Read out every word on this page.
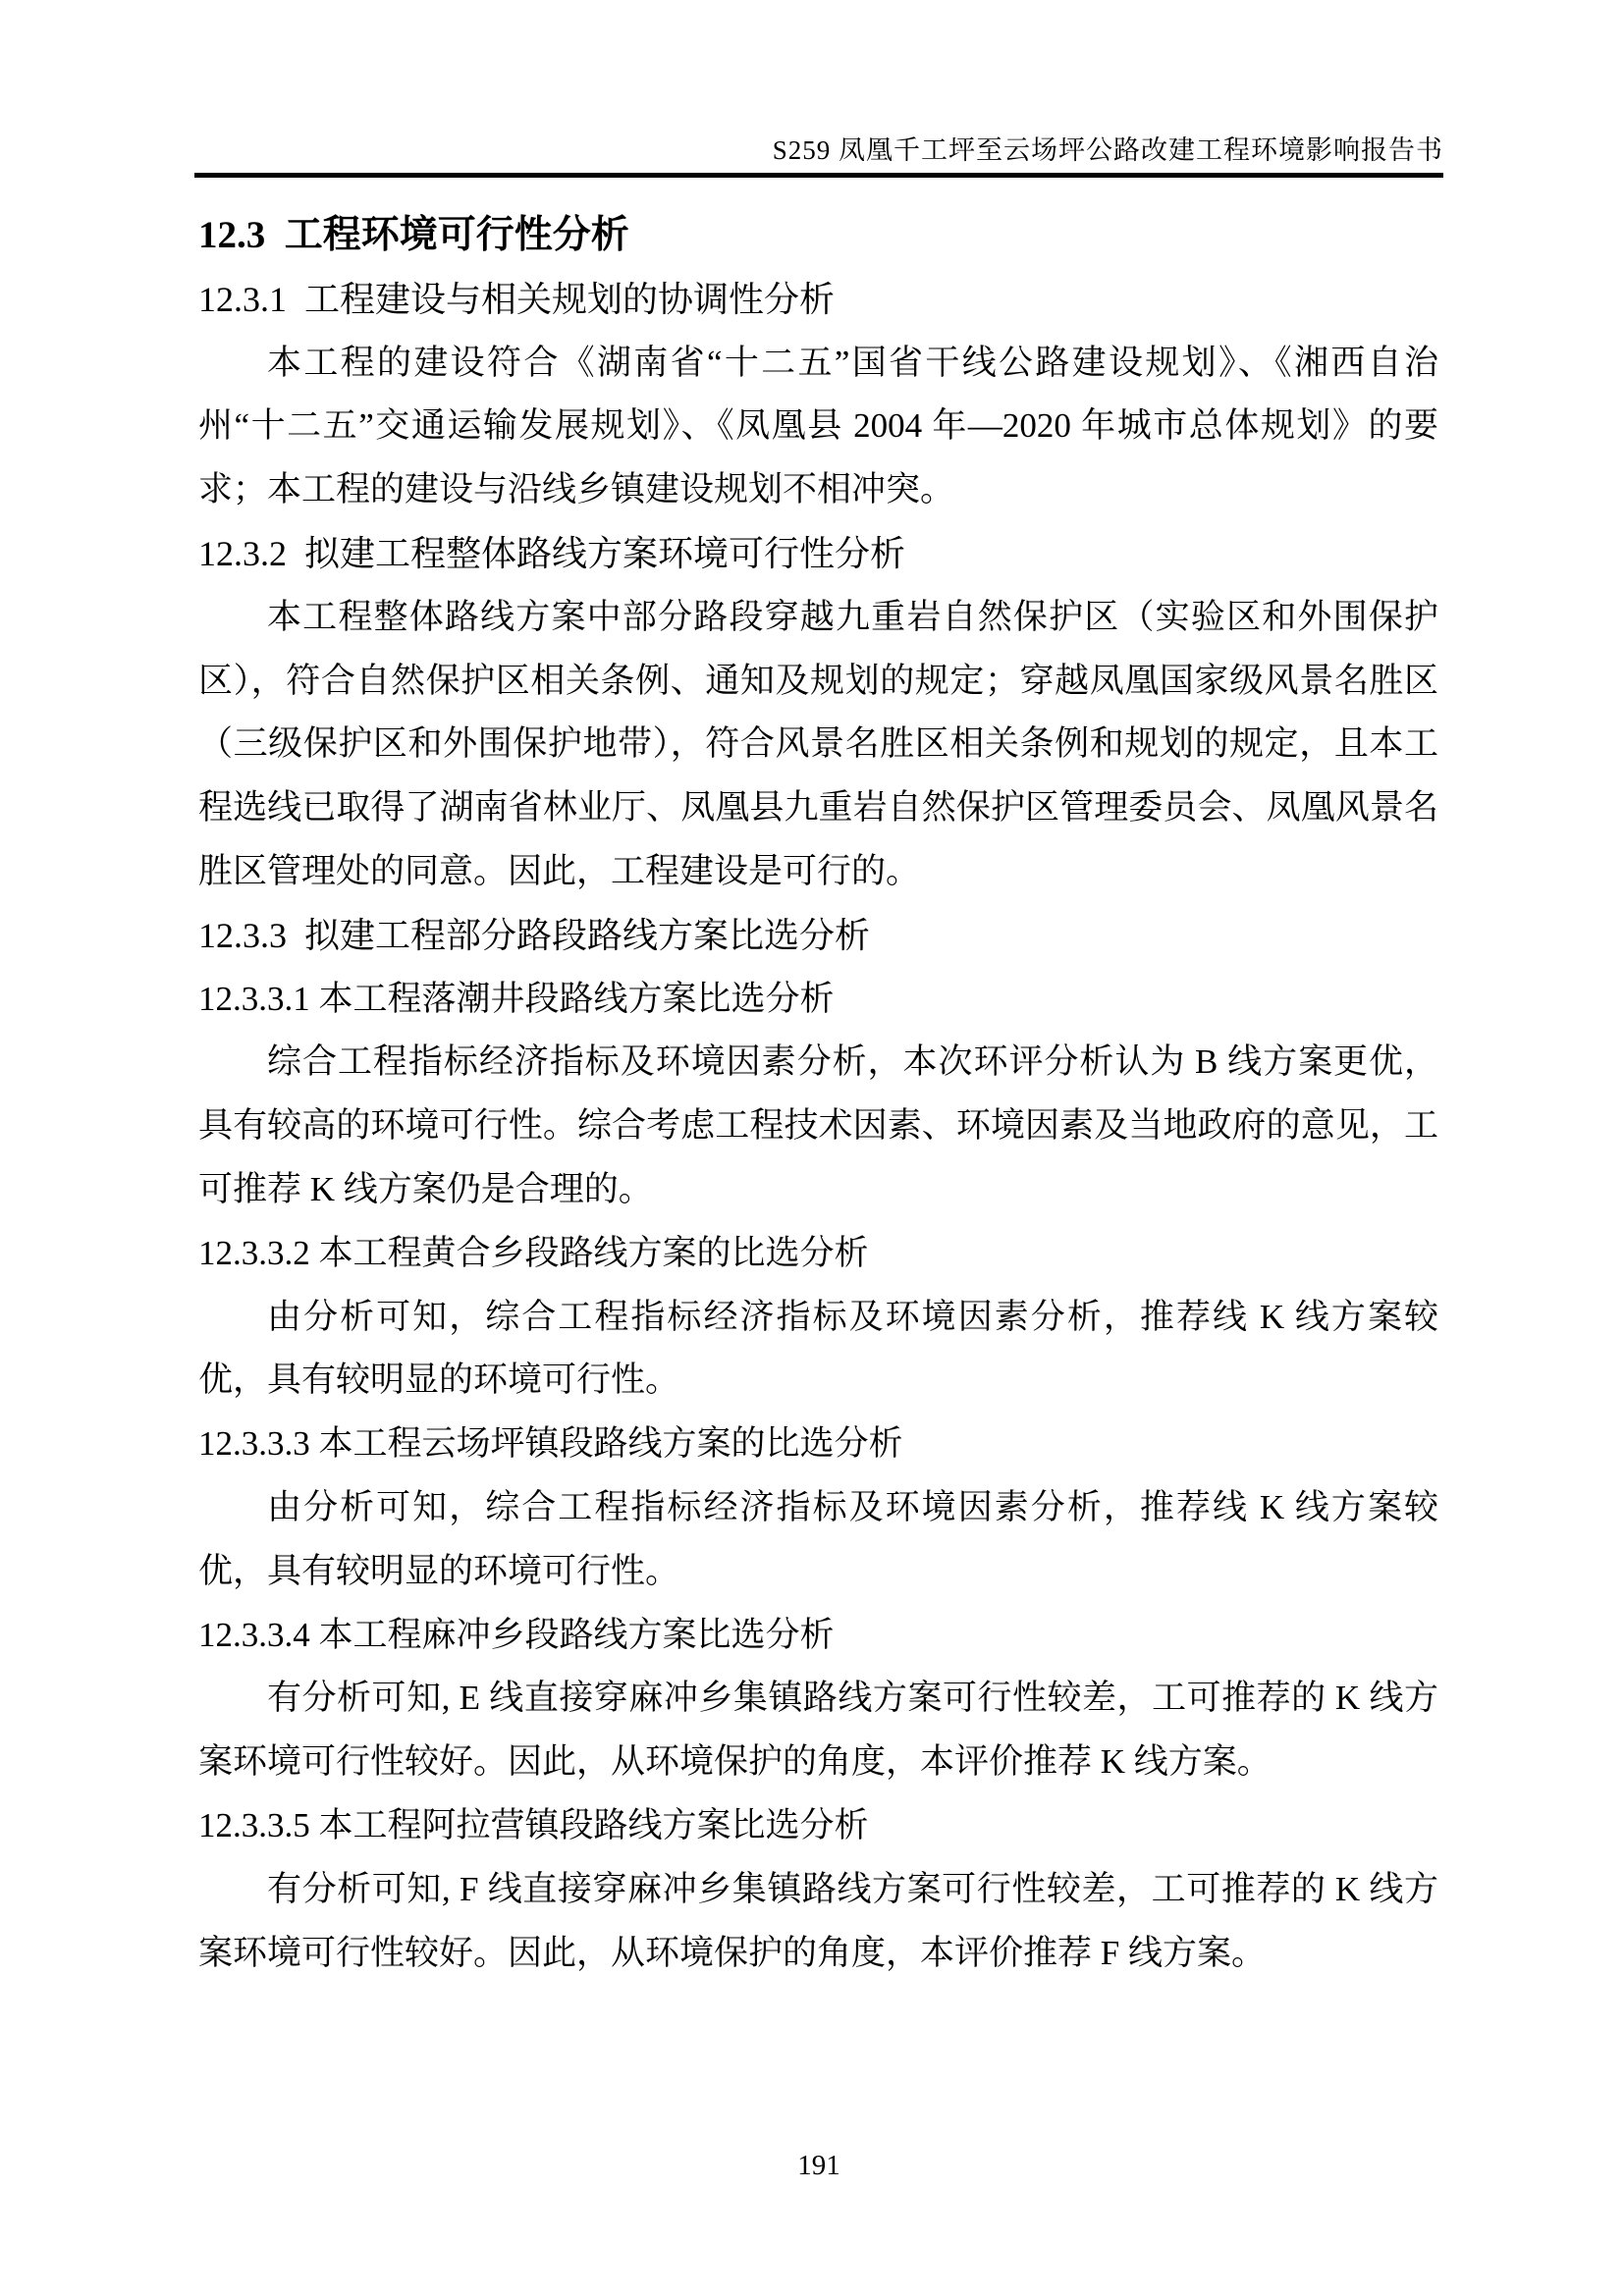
S259 凤凰千工坪至云场坪公路改建工程环境影响报告书
12.3  工程环境可行性分析
12.3.1  工程建设与相关规划的协调性分析
本工程的建设符合《湖南省“十二五”国省干线公路建设规划》、《湘西自治州“十二五”交通运输发展规划》、《凤凰县 2004 年—2020 年城市总体规划》的要求；本工程的建设与沿线乡镇建设规划不相冲突。
12.3.2  拟建工程整体路线方案环境可行性分析
本工程整体路线方案中部分路段穿越九重岩自然保护区（实验区和外围保护区），符合自然保护区相关条例、通知及规划的规定；穿越凤凰国家级风景名胜区（三级保护区和外围保护地带），符合风景名胜区相关条例和规划的规定，且本工程选线已取得了湖南省林业厅、凤凰县九重岩自然保护区管理委员会、凤凰风景名胜区管理处的同意。因此，工程建设是可行的。
12.3.3  拟建工程部分路段路线方案比选分析
12.3.3.1 本工程落潮井段路线方案比选分析
综合工程指标经济指标及环境因素分析，本次环评分析认为 B 线方案更优，具有较高的环境可行性。综合考虑工程技术因素、环境因素及当地政府的意见，工可推荐 K 线方案仍是合理的。
12.3.3.2 本工程黄合乡段路线方案的比选分析
由分析可知，综合工程指标经济指标及环境因素分析，推荐线 K 线方案较优，具有较明显的环境可行性。
12.3.3.3 本工程云场坪镇段路线方案的比选分析
由分析可知，综合工程指标经济指标及环境因素分析，推荐线 K 线方案较优，具有较明显的环境可行性。
12.3.3.4 本工程麻冲乡段路线方案比选分析
有分析可知, E 线直接穿麻冲乡集镇路线方案可行性较差，工可推荐的 K 线方案环境可行性较好。因此，从环境保护的角度，本评价推荐 K 线方案。
12.3.3.5 本工程阿拉营镇段路线方案比选分析
有分析可知, F 线直接穿麻冲乡集镇路线方案可行性较差，工可推荐的 K 线方案环境可行性较好。因此，从环境保护的角度，本评价推荐 F 线方案。
191
